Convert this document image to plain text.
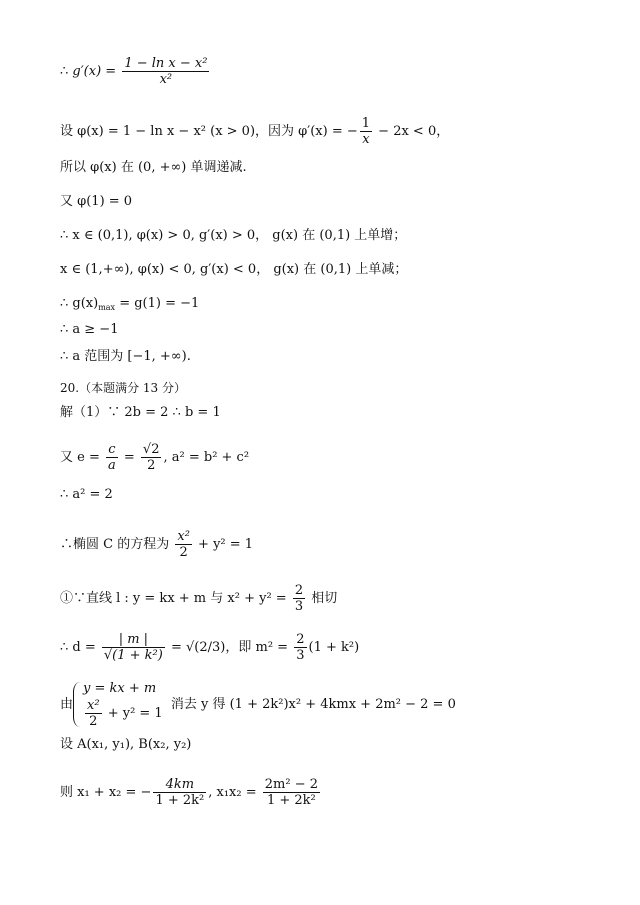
∴ $g'(x) = \frac{\text{1 − ln x − x²}}{\text{x²}}$
设 φ(x) = 1 − ln x − x² (x > 0)，因为 φ′(x) = − $\frac{1}{x} - 2x < 0$，
所以 φ(x) 在 (0, +∞) 单调递减.
又 φ(1) = 0
∴ x ∈ (0,1), φ(x) > 0, g′(x) > 0， g(x) 在 (0,1) 上单增；
x ∈ (1,+∞), φ(x) < 0, g′(x) < 0， g(x) 在 (0,1) 上单减；
∴ $g(x)_{max} = g(1) = -1$
∴ a ≥ −1
∴ a 范围为 [−1, +∞).
20.（本题满分 13 分）
解（1）∵ 2b = 2 ∴ b = 1
又 $e = \frac{c}{a} = \frac{√2}{2}$ , a² = b² + c²
∴ a² = 2
∴椭圆 C 的方程为 $\frac{\text{x²}}{2} + y^2 = 1$
①∵直线 l : y = kx + m 与 $x^2 + y^2 = \frac{2}{3}$ 相切
∴ $d = \frac{| m |}{\text{√(1 + k²)}} = √(2/3)$，即 $m^2 = \frac{2}{3} (1 + k^2)$
由
y = kx + m
$\frac{\text{x²}}{2} + y^2 = 1$
消去 y 得 (1 + 2k²)x² + 4kmx + 2m² − 2 = 0
设 A(x₁, y₁), B(x₂, y₂)
则 x₁ + x₂ = − $\frac{4km}{\text{1 + 2k²}}$ , $x_1x_2 = \frac{\text{2m² − 2}}{\text{1 + 2k²}}$
